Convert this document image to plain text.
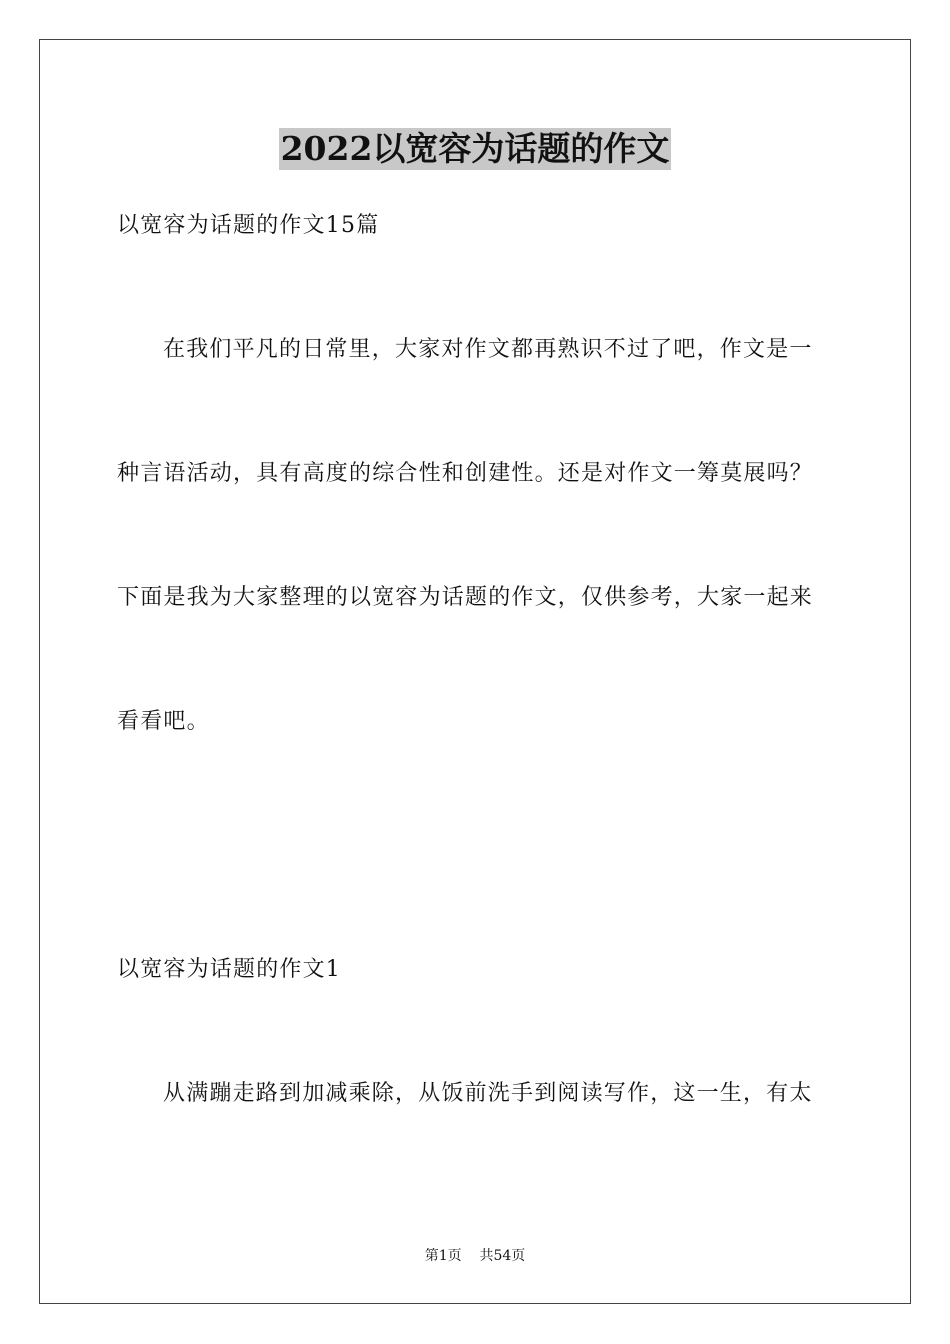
2022以宽容为话题的作文
以宽容为话题的作文15篇
在我们平凡的日常里，大家对作文都再熟识不过了吧，作文是一
种言语活动，具有高度的综合性和创建性。还是对作文一筹莫展吗？
下面是我为大家整理的以宽容为话题的作文，仅供参考，大家一起来
看看吧。
以宽容为话题的作文1
从满蹦走路到加减乘除，从饭前洗手到阅读写作，这一生，有太
第1页 共54页
